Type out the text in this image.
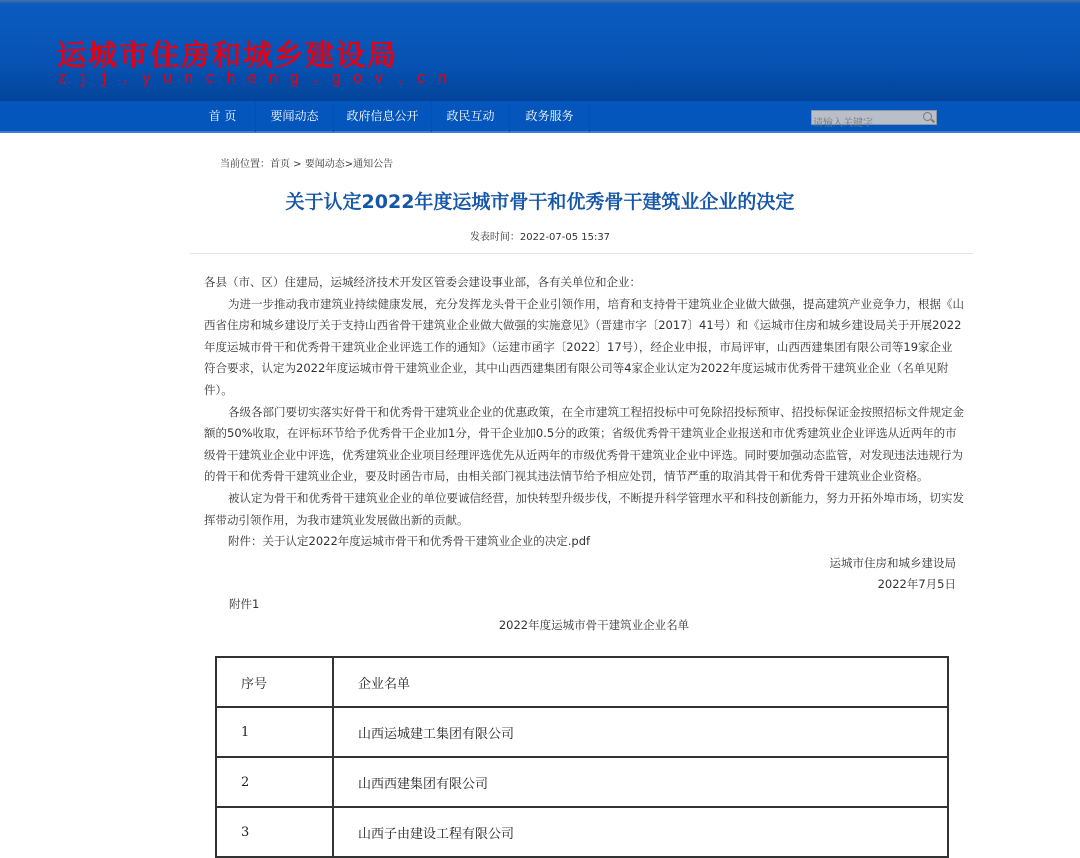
运城市住房和城乡建设局
zjj.yuncheng.gov.cn
首 页	要闻动态	政府信息公开	政民互动	政务服务
请输入关键字
当前位置：首页 > 要闻动态>通知公告
关于认定2022年度运城市骨干和优秀骨干建筑业企业的决定
发表时间：2022-07-05 15:37

各县（市、区）住建局，运城经济技术开发区管委会建设事业部，各有关单位和企业：

为进一步推动我市建筑业持续健康发展，充分发挥龙头骨干企业引领作用，培育和支持骨干建筑业企业做大做强，提高建筑产业竞争力，根据《山西省住房和城乡建设厅关于支持山西省骨干建筑业企业做大做强的实施意见》（晋建市字〔2017〕41号）和《运城市住房和城乡建设局关于开展2022年度运城市骨干和优秀骨干建筑业企业评选工作的通知》（运建市函字〔2022〕17号），经企业申报，市局评审，山西西建集团有限公司等19家企业符合要求，认定为2022年度运城市骨干建筑业企业，其中山西西建集团有限公司等4家企业认定为2022年度运城市优秀骨干建筑业企业（名单见附件）。

各级各部门要切实落实好骨干和优秀骨干建筑业企业的优惠政策，在全市建筑工程招投标中可免除招投标预审、招投标保证金按照招标文件规定金额的50%收取，在评标环节给予优秀骨干企业加1分，骨干企业加0.5分的政策；省级优秀骨干建筑业企业报送和市优秀建筑业企业评选从近两年的市级骨干建筑业企业中评选，优秀建筑业企业项目经理评选优先从近两年的市级优秀骨干建筑业企业中评选。同时要加强动态监管，对发现违法违规行为的骨干和优秀骨干建筑业企业，要及时函告市局，由相关部门视其违法情节给予相应处罚，情节严重的取消其骨干和优秀骨干建筑业企业资格。

被认定为骨干和优秀骨干建筑业企业的单位要诚信经营，加快转型升级步伐，不断提升科学管理水平和科技创新能力，努力开拓外埠市场，切实发挥带动引领作用，为我市建筑业发展做出新的贡献。

附件：关于认定2022年度运城市骨干和优秀骨干建筑业企业的决定.pdf

运城市住房和城乡建设局

2022年7月5日

附件1
2022年度运城市骨干建筑业企业名单
序号	企业名单
1	山西运城建工集团有限公司
2	山西西建集团有限公司
3	山西子由建设工程有限公司
